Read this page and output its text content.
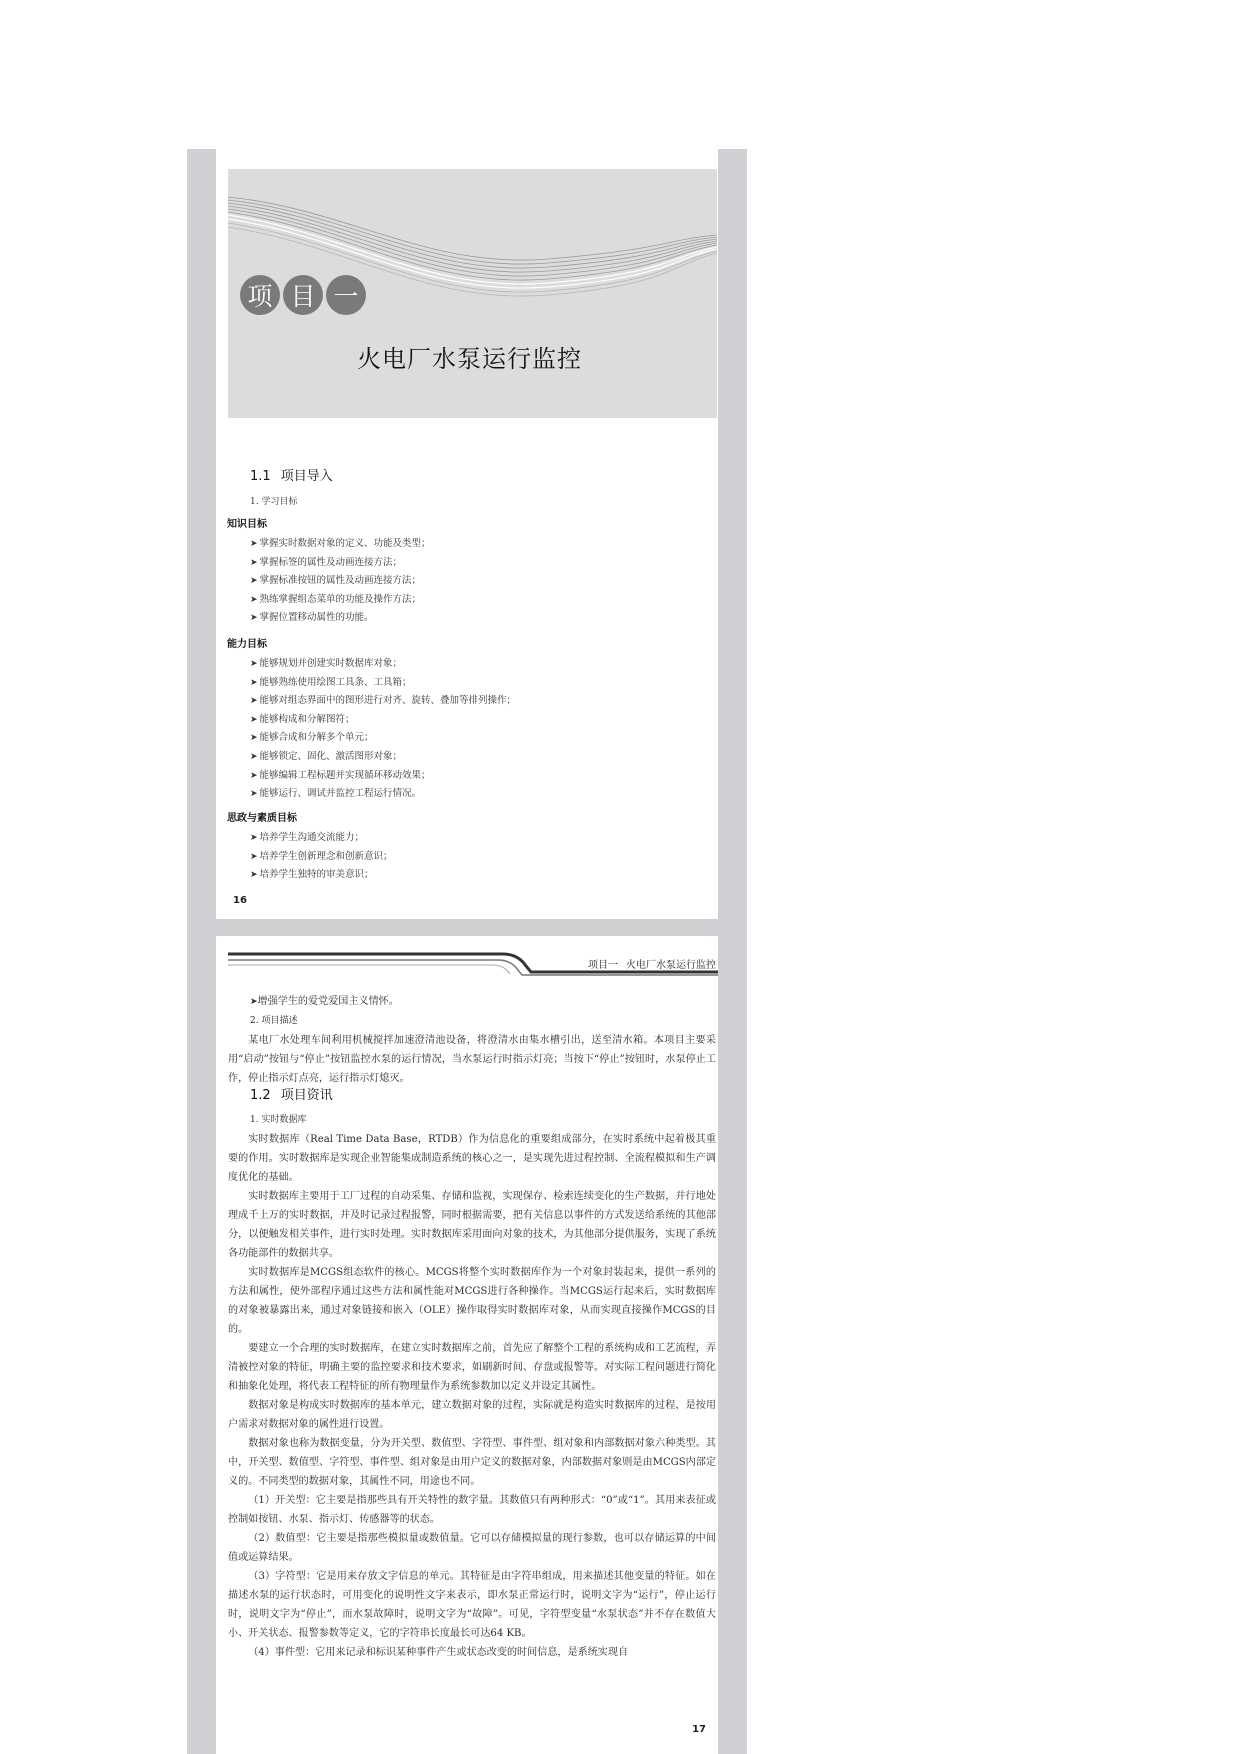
项 目 一
火电厂水泵运行监控
1.1 项目导入
1. 学习目标
知识目标
➤ 掌握实时数据对象的定义、功能及类型；
➤ 掌握标签的属性及动画连接方法；
➤ 掌握标准按钮的属性及动画连接方法；
➤ 熟练掌握组态菜单的功能及操作方法；
➤ 掌握位置移动属性的功能。
能力目标
➤ 能够规划并创建实时数据库对象；
➤ 能够熟练使用绘图工具条、工具箱；
➤ 能够对组态界面中的图形进行对齐、旋转、叠加等排列操作；
➤ 能够构成和分解图符；
➤ 能够合成和分解多个单元；
➤ 能够锁定、固化、激活图形对象；
➤ 能够编辑工程标题并实现循环移动效果；
➤ 能够运行、调试并监控工程运行情况。
思政与素质目标
➤ 培养学生沟通交流能力；
➤ 培养学生创新理念和创新意识；
➤ 培养学生独特的审美意识；
16
项目一 火电厂水泵运行监控

➤增强学生的爱党爱国主义情怀。

2. 项目描述

某电厂水处理车间利用机械搅拌加速澄清池设备，将澄清水由集水槽引出，送至清水箱。本项目主要采用“启动”按钮与“停止”按钮监控水泵的运行情况，当水泵运行时指示灯亮；当按下“停止”按钮时，水泵停止工作，停止指示灯点亮，运行指示灯熄灭。

1.2 项目资讯

1. 实时数据库

实时数据库（Real Time Data Base，RTDB）作为信息化的重要组成部分，在实时系统中起着极其重要的作用。实时数据库是实现企业智能集成制造系统的核心之一，是实现先进过程控制、全流程模拟和生产调度优化的基础。

实时数据库主要用于工厂过程的自动采集、存储和监视，实现保存、检索连续变化的生产数据，并行地处理成千上万的实时数据，并及时记录过程报警，同时根据需要，把有关信息以事件的方式发送给系统的其他部分，以便触发相关事件，进行实时处理。实时数据库采用面向对象的技术，为其他部分提供服务，实现了系统各功能部件的数据共享。

实时数据库是MCGS组态软件的核心。MCGS将整个实时数据库作为一个对象封装起来，提供一系列的方法和属性，使外部程序通过这些方法和属性能对MCGS进行各种操作。当MCGS运行起来后，实时数据库的对象被暴露出来，通过对象链接和嵌入（OLE）操作取得实时数据库对象，从而实现直接操作MCGS的目的。

要建立一个合理的实时数据库，在建立实时数据库之前，首先应了解整个工程的系统构成和工艺流程，弄清被控对象的特征，明确主要的监控要求和技术要求，如刷新时间、存盘或报警等。对实际工程问题进行简化和抽象化处理，将代表工程特征的所有物理量作为系统参数加以定义并设定其属性。

数据对象是构成实时数据库的基本单元，建立数据对象的过程，实际就是构造实时数据库的过程，是按用户需求对数据对象的属性进行设置。

数据对象也称为数据变量，分为开关型、数值型、字符型、事件型、组对象和内部数据对象六种类型。其中，开关型、数值型、字符型、事件型、组对象是由用户定义的数据对象，内部数据对象则是由MCGS内部定义的。不同类型的数据对象，其属性不同，用途也不同。

（1）开关型：它主要是指那些具有开关特性的数字量。其数值只有两种形式：“0”或“1”。其用来表征或控制如按钮、水泵、指示灯、传感器等的状态。

（2）数值型：它主要是指那些模拟量或数值量。它可以存储模拟量的现行参数，也可以存储运算的中间值或运算结果。

（3）字符型：它是用来存放文字信息的单元。其特征是由字符串组成，用来描述其他变量的特征。如在描述水泵的运行状态时，可用变化的说明性文字来表示，即水泵正常运行时，说明文字为“运行”，停止运行时，说明文字为“停止”，而水泵故障时，说明文字为“故障”。可见，字符型变量“水泵状态”并不存在数值大小、开关状态、报警参数等定义，它的字符串长度最长可达64 KB。

（4）事件型：它用来记录和标识某种事件产生或状态改变的时间信息，是系统实现自

17
